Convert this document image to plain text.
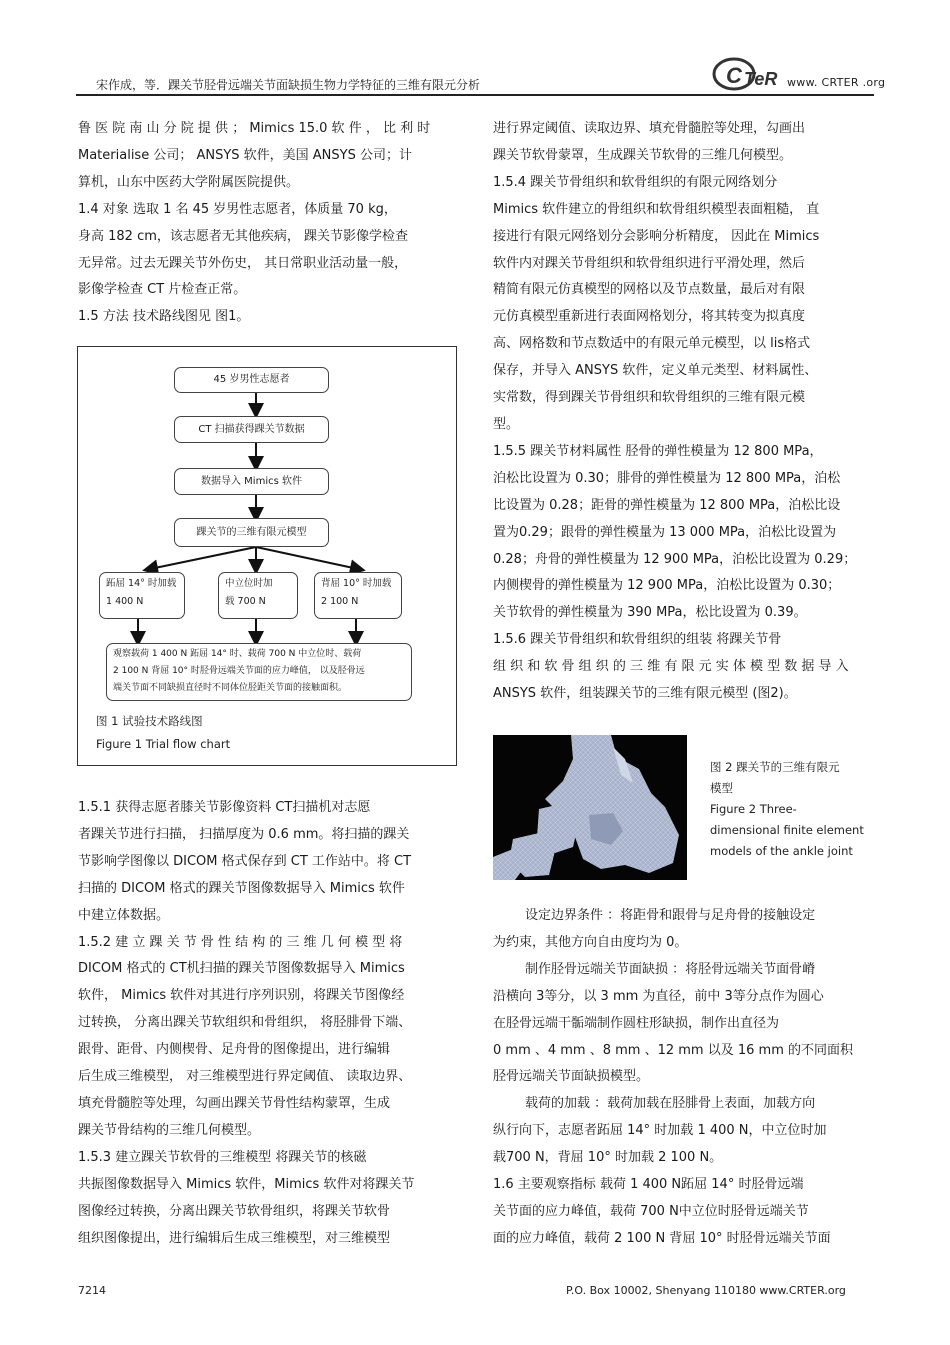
宋作成，等．踝关节胫骨远端关节面缺损生物力学特征的三维有限元分析	C TeR www. CRTER .org

鲁 医 院 南 山 分 院 提 供 ； Mimics 15.0 软 件 ， 比 利 时

Materialise 公司； ANSYS 软件，美国 ANSYS 公司；计

算机，山东中医药大学附属医院提供。

1.4 对象 选取 1 名 45 岁男性志愿者，体质量 70 kg，

身高 182 cm，该志愿者无其他疾病， 踝关节影像学检查

无异常。过去无踝关节外伤史， 其日常职业活动量一般，

影像学检查 CT 片检查正常。

1.5 方法 技术路线图见 图1。

45 岁男性志愿者
CT 扫描获得踝关节数据
数据导入 Mimics 软件
踝关节的三维有限元模型
跖屈 14° 时加载
1 400 N
中立位时加
载 700 N
背屈 10° 时加载
2 100 N
观察载荷 1 400 N 跖屈 14° 时、载荷 700 N 中立位时、载荷
2 100 N 背屈 10° 时胫骨远端关节面的应力峰值， 以及胫骨远
端关节面不同缺损直径时不同体位胫距关节面的接触面积。
图 1 试验技术路线图
Figure 1 Trial flow chart

1.5.1 获得志愿者膝关节影像资料 CT扫描机对志愿

者踝关节进行扫描， 扫描厚度为 0.6 mm。将扫描的踝关

节影响学图像以 DICOM 格式保存到 CT 工作站中。将 CT

扫描的 DICOM 格式的踝关节图像数据导入 Mimics 软件

中建立体数据。

1.5.2 建 立 踝 关 节 骨 性 结 构 的 三 维 几 何 模 型 将

DICOM 格式的 CT机扫描的踝关节图像数据导入 Mimics

软件， Mimics 软件对其进行序列识别，将踝关节图像经

过转换， 分离出踝关节软组织和骨组织， 将胫腓骨下端、

跟骨、距骨、内侧楔骨、足舟骨的图像提出，进行编辑

后生成三维模型， 对三维模型进行界定阈值、 读取边界、

填充骨髓腔等处理，勾画出踝关节骨性结构蒙罩，生成

踝关节骨结构的三维几何模型。

1.5.3 建立踝关节软骨的三维模型 将踝关节的核磁

共振图像数据导入 Mimics 软件，Mimics 软件对将踝关节

图像经过转换，分离出踝关节软骨组织，将踝关节软骨

组织图像提出，进行编辑后生成三维模型，对三维模型

进行界定阈值、读取边界、填充骨髓腔等处理，勾画出

踝关节软骨蒙罩，生成踝关节软骨的三维几何模型。

1.5.4 踝关节骨组织和软骨组织的有限元网络划分

Mimics 软件建立的骨组织和软骨组织模型表面粗糙， 直

接进行有限元网络划分会影响分析精度， 因此在 Mimics

软件内对踝关节骨组织和软骨组织进行平滑处理，然后

精简有限元仿真模型的网格以及节点数量，最后对有限

元仿真模型重新进行表面网格划分，将其转变为拟真度

高、网格数和节点数适中的有限元单元模型，以 lis格式

保存，并导入 ANSYS 软件，定义单元类型、材料属性、

实常数，得到踝关节骨组织和软骨组织的三维有限元模

型。

1.5.5 踝关节材料属性 胫骨的弹性模量为 12 800 MPa，

泊松比设置为 0.30；腓骨的弹性模量为 12 800 MPa，泊松

比设置为 0.28；距骨的弹性模量为 12 800 MPa，泊松比设

置为0.29；跟骨的弹性模量为 13 000 MPa，泊松比设置为

0.28；舟骨的弹性模量为 12 900 MPa，泊松比设置为 0.29；

内侧楔骨的弹性模量为 12 900 MPa，泊松比设置为 0.30；

关节软骨的弹性模量为 390 MPa，松比设置为 0.39。

1.5.6 踝关节骨组织和软骨组织的组装 将踝关节骨

组 织 和 软 骨 组 织 的 三 维 有 限 元 实 体 模 型 数 据 导 入

ANSYS 软件，组装踝关节的三维有限元模型 (图2)。

图 2 踝关节的三维有限元
模型
Figure 2 Three-
dimensional finite element
models of the ankle joint

设定边界条件 ：将距骨和跟骨与足舟骨的接触设定

为约束，其他方向自由度均为 0。

制作胫骨远端关节面缺损 ：将胫骨远端关节面骨嵴

沿横向 3等分，以 3 mm 为直径，前中 3等分点作为圆心

在胫骨远端干骺端制作圆柱形缺损，制作出直径为

0 mm 、4 mm 、8 mm 、12 mm 以及 16 mm 的不同面积

胫骨远端关节面缺损模型。

载荷的加载 ：载荷加载在胫腓骨上表面，加载方向

纵行向下，志愿者跖屈 14° 时加载 1 400 N，中立位时加

载700 N，背屈 10° 时加载 2 100 N。

1.6 主要观察指标 载荷 1 400 N跖屈 14° 时胫骨远端

关节面的应力峰值，载荷 700 N中立位时胫骨远端关节

面的应力峰值，载荷 2 100 N 背屈 10° 时胫骨远端关节面

7214	P.O. Box 10002, Shenyang 110180 www.CRTER.org
